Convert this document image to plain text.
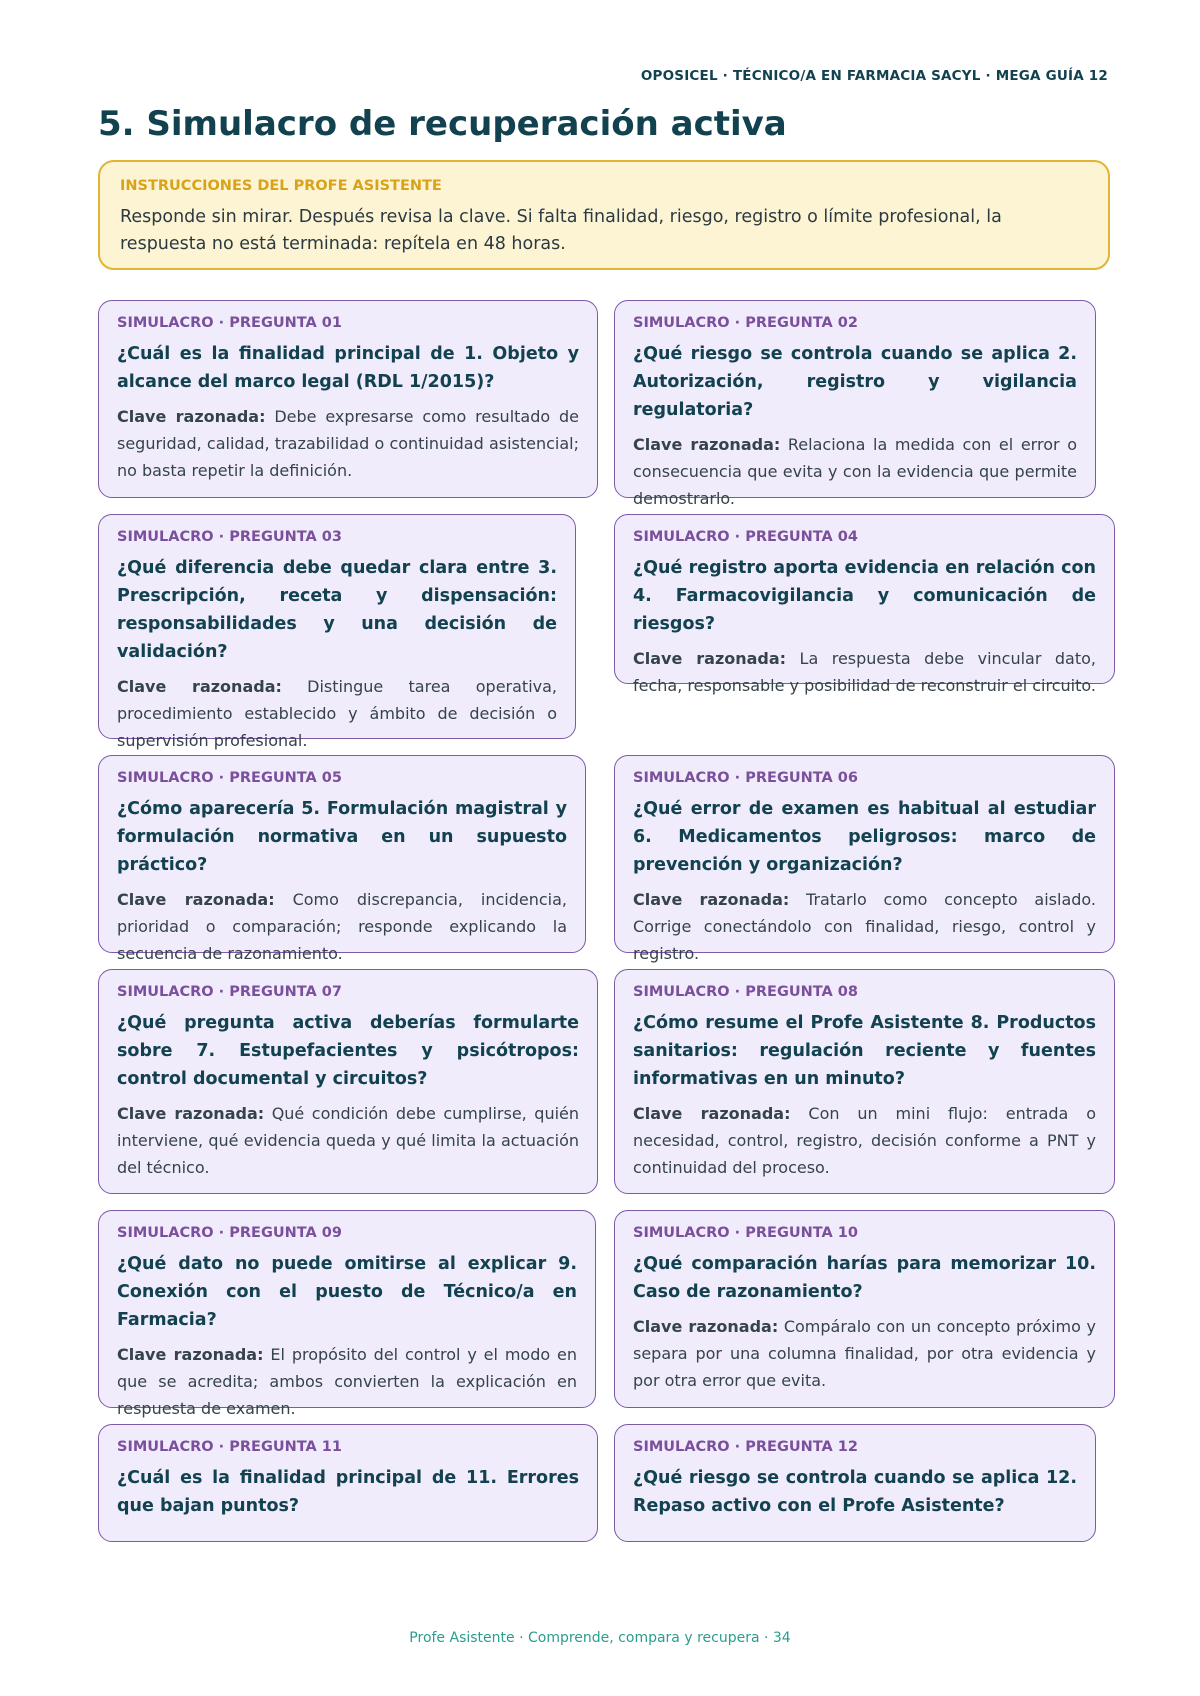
OPOSICEL · TÉCNICO/A EN FARMACIA SACYL · MEGA GUÍA 12
5. Simulacro de recuperación activa
INSTRUCCIONES DEL PROFE ASISTENTE
Responde sin mirar. Después revisa la clave. Si falta finalidad, riesgo, registro o límite profesional, la respuesta no está terminada: repítela en 48 horas.
SIMULACRO · PREGUNTA 01
¿Cuál es la finalidad principal de 1. Objeto y alcance del marco legal (RDL 1/2015)?
Clave razonada: Debe expresarse como resultado de seguridad, calidad, trazabilidad o continuidad asistencial; no basta repetir la definición.
SIMULACRO · PREGUNTA 02
¿Qué riesgo se controla cuando se aplica 2. Autorización, registro y vigilancia regulatoria?
Clave razonada: Relaciona la medida con el error o consecuencia que evita y con la evidencia que permite demostrarlo.
SIMULACRO · PREGUNTA 03
¿Qué diferencia debe quedar clara entre 3. Prescripción, receta y dispensación: responsabilidades y una decisión de validación?
Clave razonada: Distingue tarea operativa, procedimiento establecido y ámbito de decisión o supervisión profesional.
SIMULACRO · PREGUNTA 04
¿Qué registro aporta evidencia en relación con 4. Farmacovigilancia y comunicación de riesgos?
Clave razonada: La respuesta debe vincular dato, fecha, responsable y posibilidad de reconstruir el circuito.
SIMULACRO · PREGUNTA 05
¿Cómo aparecería 5. Formulación magistral y formulación normativa en un supuesto práctico?
Clave razonada: Como discrepancia, incidencia, prioridad o comparación; responde explicando la secuencia de razonamiento.
SIMULACRO · PREGUNTA 06
¿Qué error de examen es habitual al estudiar 6. Medicamentos peligrosos: marco de prevención y organización?
Clave razonada: Tratarlo como concepto aislado. Corrige conectándolo con finalidad, riesgo, control y registro.
SIMULACRO · PREGUNTA 07
¿Qué pregunta activa deberías formularte sobre 7. Estupefacientes y psicótropos: control documental y circuitos?
Clave razonada: Qué condición debe cumplirse, quién interviene, qué evidencia queda y qué limita la actuación del técnico.
SIMULACRO · PREGUNTA 08
¿Cómo resume el Profe Asistente 8. Productos sanitarios: regulación reciente y fuentes informativas en un minuto?
Clave razonada: Con un mini flujo: entrada o necesidad, control, registro, decisión conforme a PNT y continuidad del proceso.
SIMULACRO · PREGUNTA 09
¿Qué dato no puede omitirse al explicar 9. Conexión con el puesto de Técnico/a en Farmacia?
Clave razonada: El propósito del control y el modo en que se acredita; ambos convierten la explicación en respuesta de examen.
SIMULACRO · PREGUNTA 10
¿Qué comparación harías para memorizar 10. Caso de razonamiento?
Clave razonada: Compáralo con un concepto próximo y separa por una columna finalidad, por otra evidencia y por otra error que evita.
SIMULACRO · PREGUNTA 11
¿Cuál es la finalidad principal de 11. Errores que bajan puntos?
SIMULACRO · PREGUNTA 12
¿Qué riesgo se controla cuando se aplica 12. Repaso activo con el Profe Asistente?
Profe Asistente · Comprende, compara y recupera · 34
